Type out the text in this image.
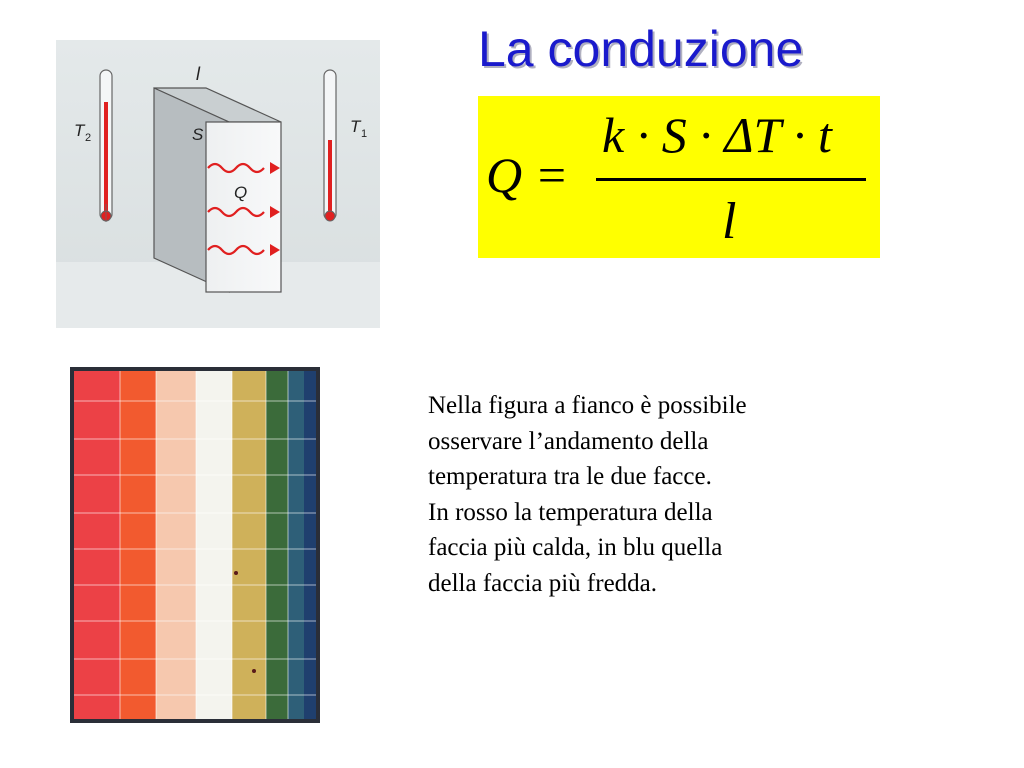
La conduzione
Q =
k · S · ΔT · t
l
l
S
Q
T 2
T 1
Nella figura a fianco è possibile
osservare l’andamento della
temperatura tra le due facce.
In rosso la temperatura della
faccia più calda, in blu quella
della faccia più fredda.
